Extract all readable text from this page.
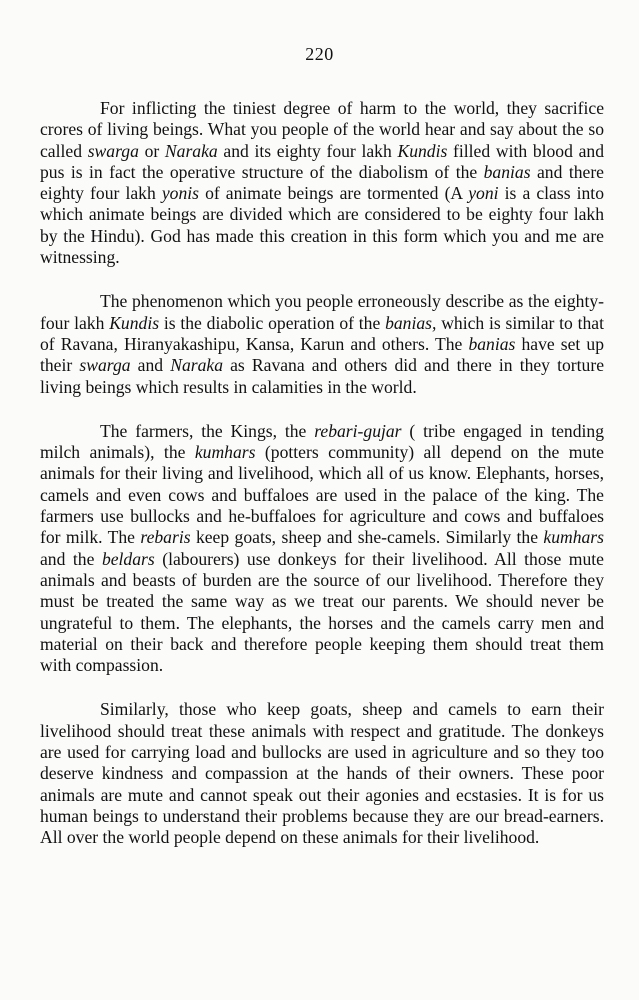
220

For inflicting the tiniest degree of harm to the world, they sacrifice crores of living beings. What you people of the world hear and say about the so called swarga or Naraka and its eighty four lakh Kundis filled with blood and pus is in fact the operative structure of the diabolism of the banias and there eighty four lakh yonis of animate beings are tormented (A yoni is a class into which animate beings are divided which are considered to be eighty four lakh by the Hindu). God has made this creation in this form which you and me are witnessing.

The phenomenon which you people erroneously describe as the eighty-four lakh Kundis is the diabolic operation of the banias, which is similar to that of Ravana, Hiranyakashipu, Kansa, Karun and others. The banias have set up their swarga and Naraka as Ravana and others did and there in they torture living beings which results in calamities in the world.

The farmers, the Kings, the rebari-gujar ( tribe engaged in tending milch animals), the kumhars (potters community) all depend on the mute animals for their living and livelihood, which all of us know. Elephants, horses, camels and even cows and buffaloes are used in the palace of the king. The farmers use bullocks and he-buffaloes for agriculture and cows and buffaloes for milk. The rebaris keep goats, sheep and she-camels. Similarly the kumhars and the beldars (labourers) use donkeys for their livelihood. All those mute animals and beasts of burden are the source of our livelihood. Therefore they must be treated the same way as we treat our parents. We should never be ungrateful to them. The elephants, the horses and the camels carry men and material on their back and therefore people keeping them should treat them with compassion.

Similarly, those who keep goats, sheep and camels to earn their livelihood should treat these animals with respect and gratitude. The donkeys are used for carrying load and bullocks are used in agriculture and so they too deserve kindness and compassion at the hands of their owners. These poor animals are mute and cannot speak out their agonies and ecstasies. It is for us human beings to understand their problems because they are our bread-earners. All over the world people depend on these animals for their livelihood.
